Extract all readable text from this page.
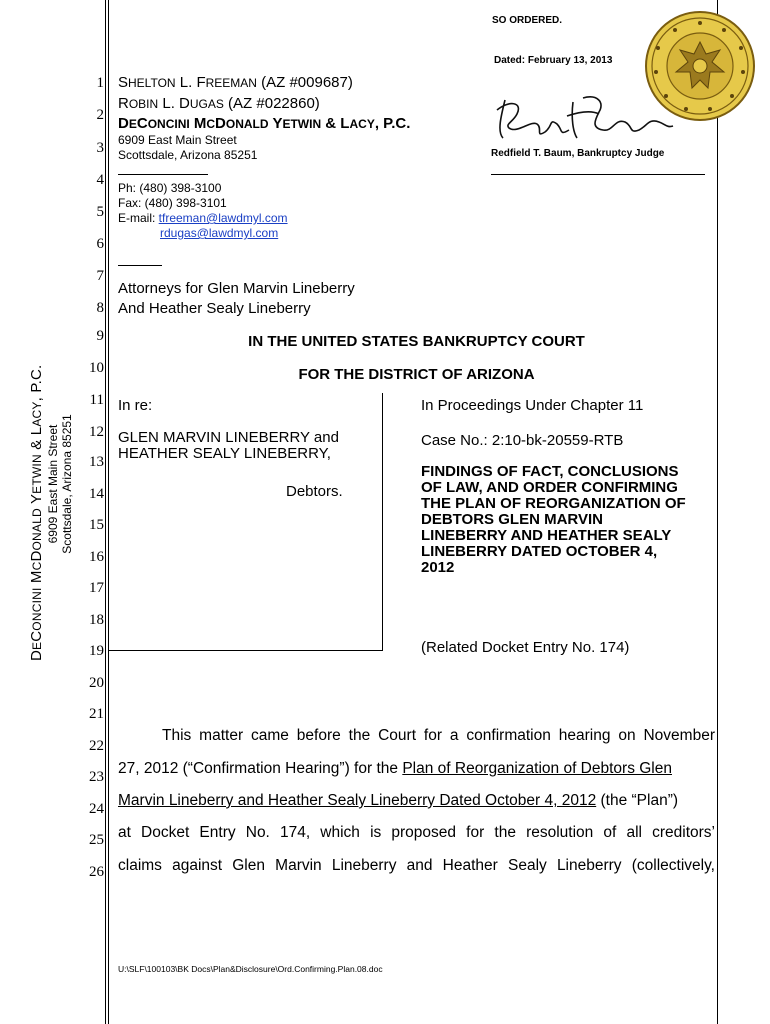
1
2
3
4
5
6
7
8
9
10
11
12
13
14
15
16
17
18
19
20
21
22
23
24
25
26
DECONCINI MCDONALD YETWIN & LACY, P.C.
6909 East Main Street Scottsdale, Arizona 85251
SO ORDERED.
Dated: February 13, 2013
Redfield T. Baum, Bankruptcy Judge
SHELTON L. FREEMAN (AZ #009687)
ROBIN L. DUGAS (AZ #022860)
DECONCINI MCDONALD YETWIN & LACY, P.C.
6909 East Main Street
Scottsdale, Arizona 85251
Ph: (480) 398-3100
Fax: (480) 398-3101
E-mail: tfreeman@lawdmyl.com
rdugas@lawdmyl.com
Attorneys for Glen Marvin Lineberry
And Heather Sealy Lineberry
IN THE UNITED STATES BANKRUPTCY COURT
FOR THE DISTRICT OF ARIZONA
In re:
GLEN MARVIN LINEBERRY and
HEATHER SEALY LINEBERRY,
Debtors.
In Proceedings Under Chapter 11
Case No.: 2:10-bk-20559-RTB
FINDINGS OF FACT, CONCLUSIONS
OF LAW, AND ORDER CONFIRMING
THE PLAN OF REORGANIZATION OF
DEBTORS GLEN MARVIN
LINEBERRY AND HEATHER SEALY
LINEBERRY DATED OCTOBER 4,
2012
(Related Docket Entry No. 174)
This matter came before the Court for a confirmation hearing on November
27, 2012 (“Confirmation Hearing”) for the Plan of Reorganization of Debtors Glen
Marvin Lineberry and Heather Sealy Lineberry Dated October 4, 2012 (the “Plan”)
at Docket Entry No. 174, which is proposed for the resolution of all creditors’
claims against Glen Marvin Lineberry and Heather Sealy Lineberry (collectively,
U:\SLF\100103\BK Docs\Plan&Disclosure\Ord.Confirming.Plan.08.doc
